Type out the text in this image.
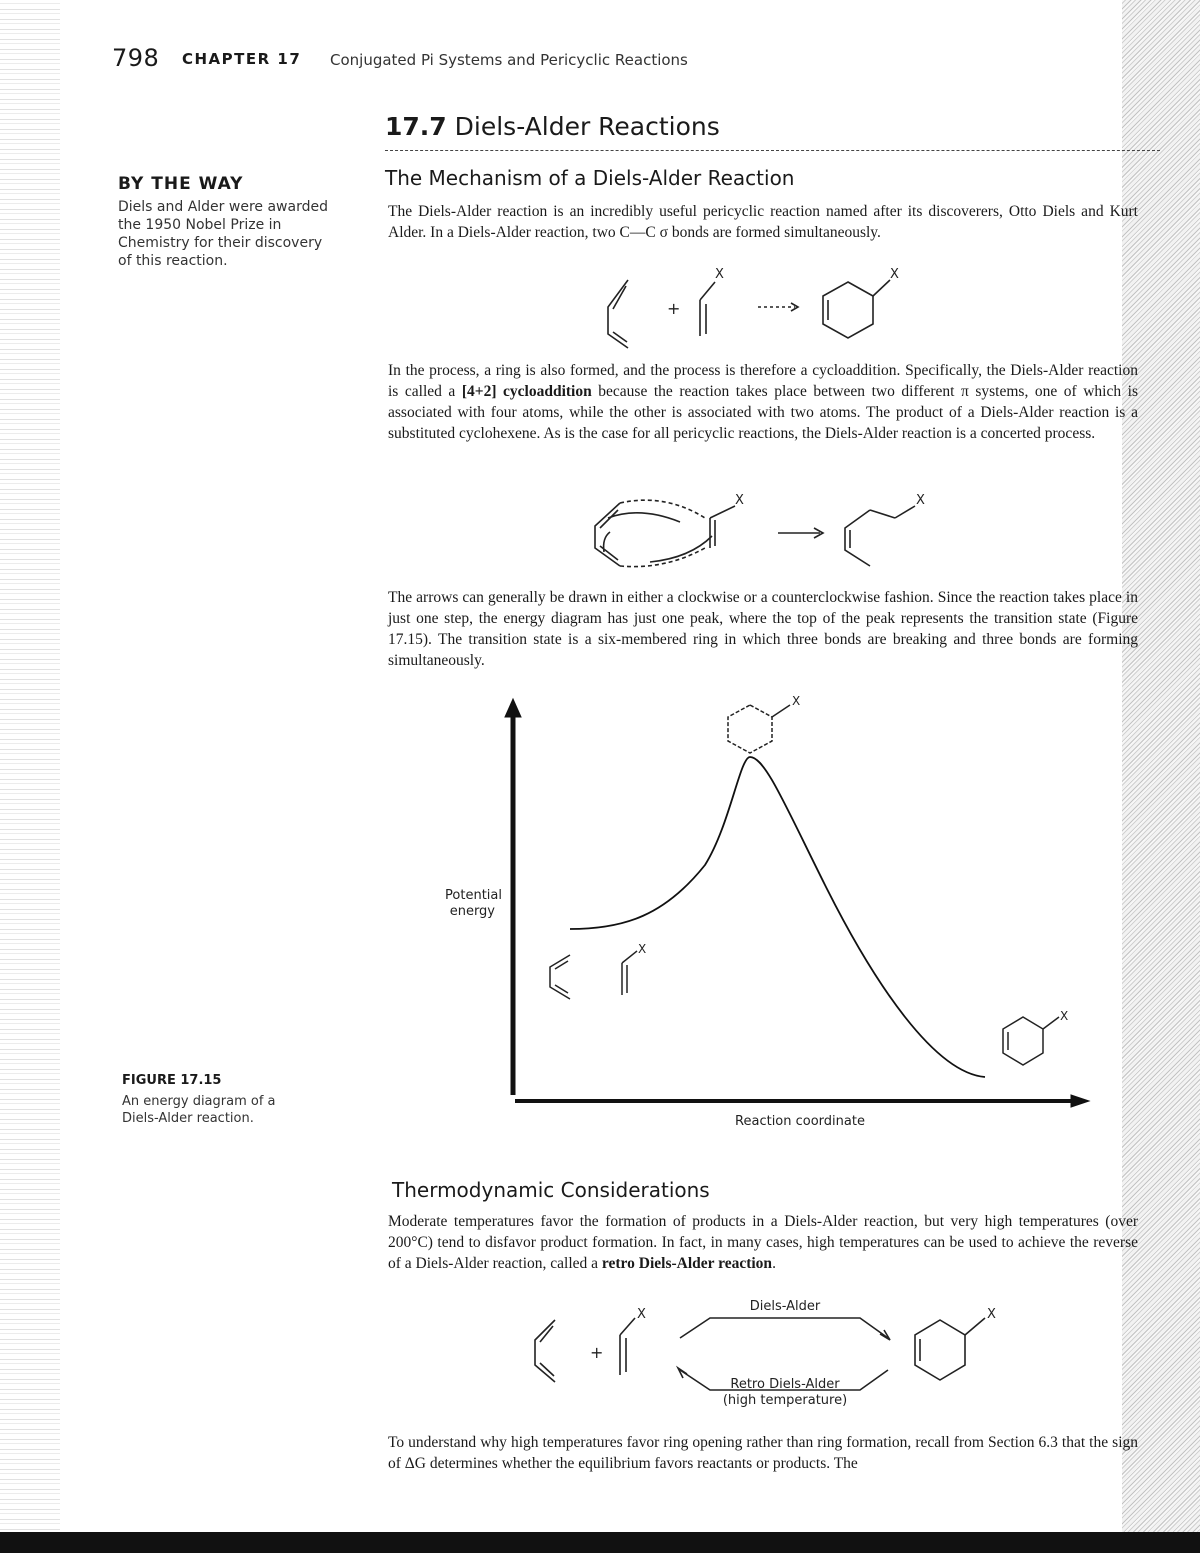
798 CHAPTER 17 Conjugated Pi Systems and Pericyclic Reactions
17.7 Diels-Alder Reactions
BY THE WAY
Diels and Alder were awarded the 1950 Nobel Prize in Chemistry for their discovery of this reaction.
The Mechanism of a Diels-Alder Reaction
The Diels-Alder reaction is an incredibly useful pericyclic reaction named after its discoverers, Otto Diels and Kurt Alder. In a Diels-Alder reaction, two C—C σ bonds are formed simultaneously.
+
X	X
In the process, a ring is also formed, and the process is therefore a cycloaddition. Specifically, the Diels-Alder reaction is called a [4+2] cycloaddition because the reaction takes place between two different π systems, one of which is associated with four atoms, while the other is associated with two atoms. The product of a Diels-Alder reaction is a substituted cyclohexene. As is the case for all pericyclic reactions, the Diels-Alder reaction is a concerted process.
X	X
The arrows can generally be drawn in either a clockwise or a counterclockwise fashion. Since the reaction takes place in just one step, the energy diagram has just one peak, where the top of the peak represents the transition state (Figure 17.15). The transition state is a six-membered ring in which three bonds are breaking and three bonds are forming simultaneously.
FIGURE 17.15
An energy diagram of a Diels-Alder reaction.
X
X
X
Potential
energy
Reaction coordinate
Thermodynamic Considerations
Moderate temperatures favor the formation of products in a Diels-Alder reaction, but very high temperatures (over 200°C) tend to disfavor product formation. In fact, in many cases, high temperatures can be used to achieve the reverse of a Diels-Alder reaction, called a retro Diels-Alder reaction.
+
X	X
Diels-Alder
Retro Diels-Alder
(high temperature)
To understand why high temperatures favor ring opening rather than ring formation, recall from Section 6.3 that the sign of ΔG determines whether the equilibrium favors reactants or products. The
